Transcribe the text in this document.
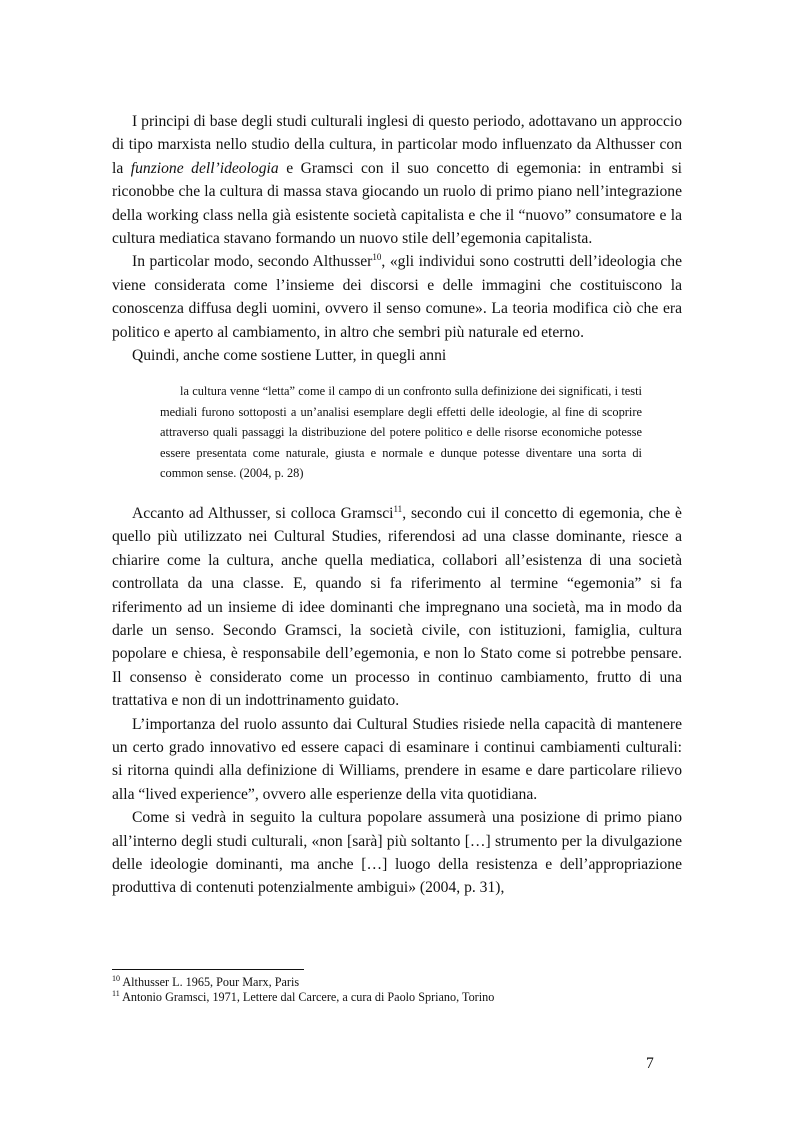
I principi di base degli studi culturali inglesi di questo periodo, adottavano un approccio di tipo marxista nello studio della cultura, in particolar modo influenzato da Althusser con la funzione dell’ideologia e Gramsci con il suo concetto di egemonia: in entrambi si riconobbe che la cultura di massa stava giocando un ruolo di primo piano nell’integrazione della working class nella già esistente società capitalista e che il “nuovo” consumatore e la cultura mediatica stavano formando un nuovo stile dell’egemonia capitalista.

In particolar modo, secondo Althusser$^{10}$, «gli individui sono costrutti dell’ideologia che viene considerata come l’insieme dei discorsi e delle immagini che costituiscono la conoscenza diffusa degli uomini, ovvero il senso comune». La teoria modifica ciò che era politico e aperto al cambiamento, in altro che sembri più naturale ed eterno.

Quindi, anche come sostiene Lutter, in quegli anni

la cultura venne “letta” come il campo di un confronto sulla definizione dei significati, i testi mediali furono sottoposti a un’analisi esemplare degli effetti delle ideologie, al fine di scoprire attraverso quali passaggi la distribuzione del potere politico e delle risorse economiche potesse essere presentata come naturale, giusta e normale e dunque potesse diventare una sorta di common sense. (2004, p. 28)

Accanto ad Althusser, si colloca Gramsci$^{11}$, secondo cui il concetto di egemonia, che è quello più utilizzato nei Cultural Studies, riferendosi ad una classe dominante, riesce a chiarire come la cultura, anche quella mediatica, collabori all’esistenza di una società controllata da una classe. E, quando si fa riferimento al termine “egemonia” si fa riferimento ad un insieme di idee dominanti che impregnano una società, ma in modo da darle un senso. Secondo Gramsci, la società civile, con istituzioni, famiglia, cultura popolare e chiesa, è responsabile dell’egemonia, e non lo Stato come si potrebbe pensare. Il consenso è considerato come un processo in continuo cambiamento, frutto di una trattativa e non di un indottrinamento guidato.

L’importanza del ruolo assunto dai Cultural Studies risiede nella capacità di mantenere un certo grado innovativo ed essere capaci di esaminare i continui cambiamenti culturali: si ritorna quindi alla definizione di Williams, prendere in esame e dare particolare rilievo alla “lived experience”, ovvero alle esperienze della vita quotidiana.

Come si vedrà in seguito la cultura popolare assumerà una posizione di primo piano all’interno degli studi culturali, «non [sarà] più soltanto […] strumento per la divulgazione delle ideologie dominanti, ma anche […] luogo della resistenza e dell’appropriazione produttiva di contenuti potenzialmente ambigui» (2004, p. 31),

$^{10}$ Althusser L. 1965, Pour Marx, Paris
$^{11}$ Antonio Gramsci, 1971, Lettere dal Carcere, a cura di Paolo Spriano, Torino
7
